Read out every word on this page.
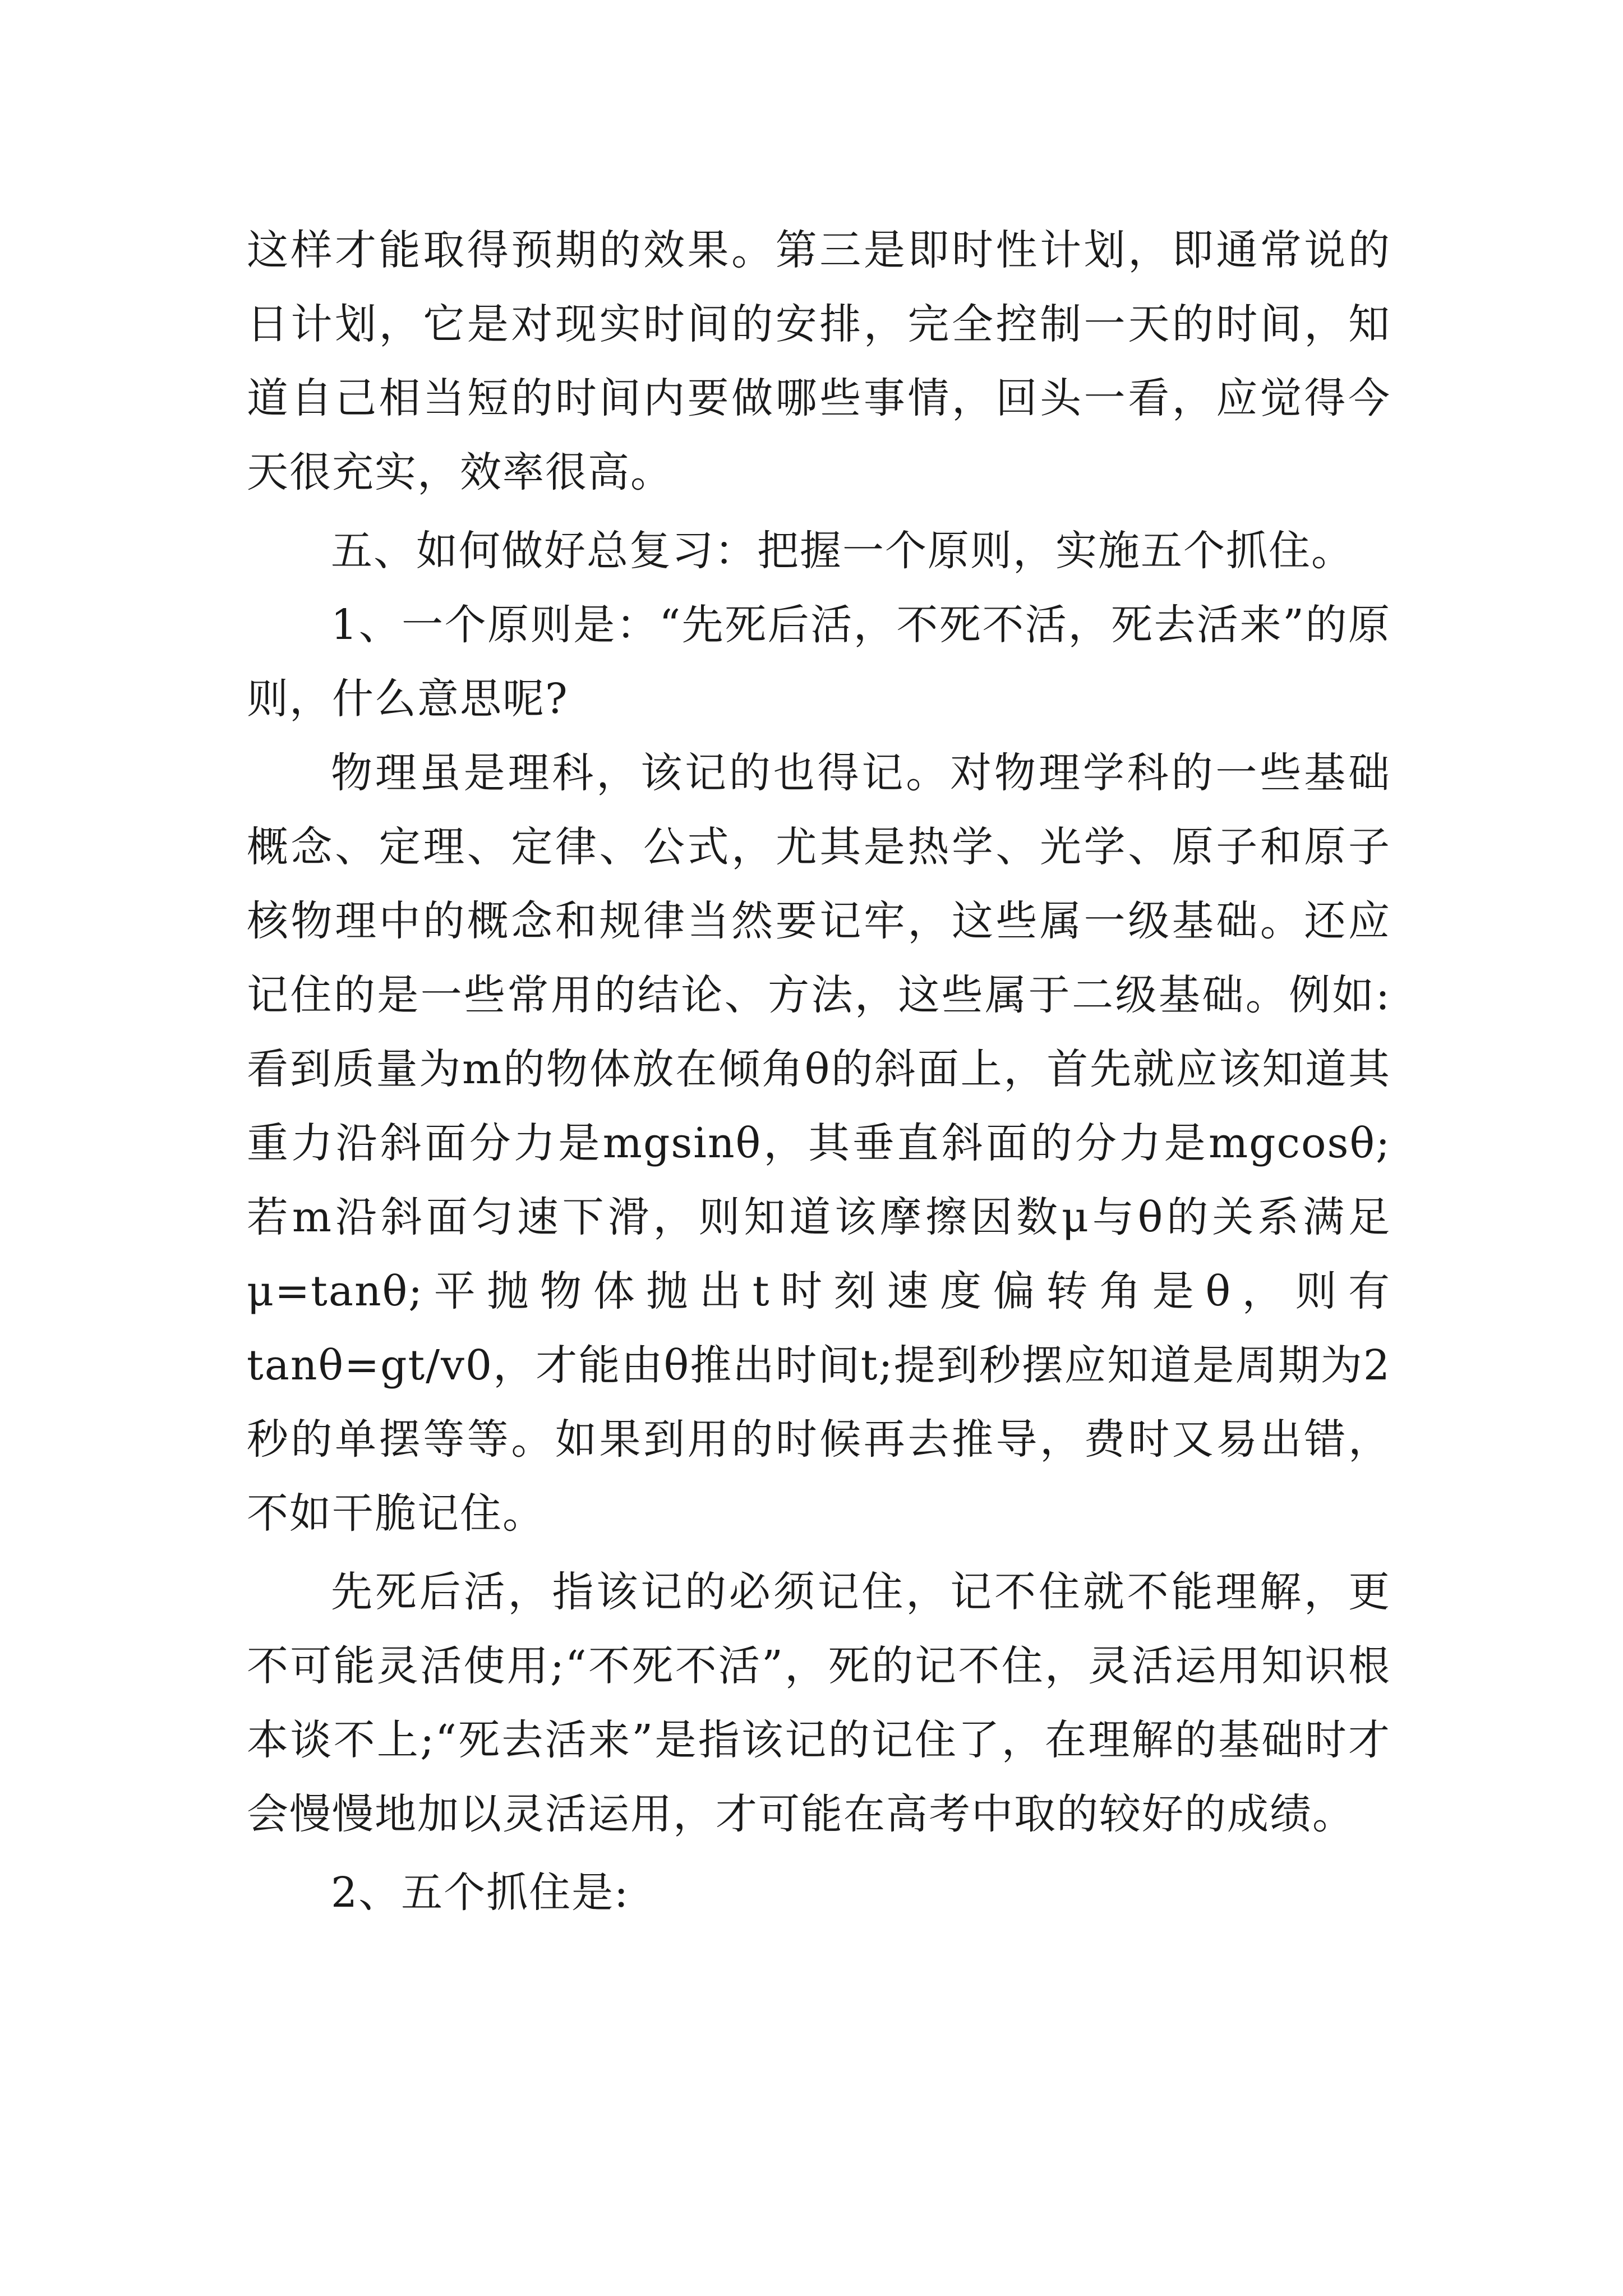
这样才能取得预期的效果。第三是即时性计划，即通常说的日计划，它是对现实时间的安排，完全控制一天的时间，知道自己相当短的时间内要做哪些事情，回头一看，应觉得今天很充实，效率很高。

五、如何做好总复习：把握一个原则，实施五个抓住。

1、一个原则是：“先死后活，不死不活，死去活来”的原则，什么意思呢?

物理虽是理科，该记的也得记。对物理学科的一些基础概念、定理、定律、公式，尤其是热学、光学、原子和原子核物理中的概念和规律当然要记牢，这些属一级基础。还应记住的是一些常用的结论、方法，这些属于二级基础。例如:看到质量为m的物体放在倾角θ的斜面上，首先就应该知道其重力沿斜面分力是mgsinθ，其垂直斜面的分力是mgcosθ;若m沿斜面匀速下滑，则知道该摩擦因数μ与θ的关系满足μ=tanθ;平抛物体抛出t时刻速度偏转角是θ，则有tanθ=gt/v0，才能由θ推出时间t;提到秒摆应知道是周期为2秒的单摆等等。如果到用的时候再去推导，费时又易出错，不如干脆记住。

先死后活，指该记的必须记住，记不住就不能理解，更不可能灵活使用;“不死不活”，死的记不住，灵活运用知识根本谈不上;“死去活来”是指该记的记住了，在理解的基础时才会慢慢地加以灵活运用，才可能在高考中取的较好的成绩。

2、五个抓住是:
